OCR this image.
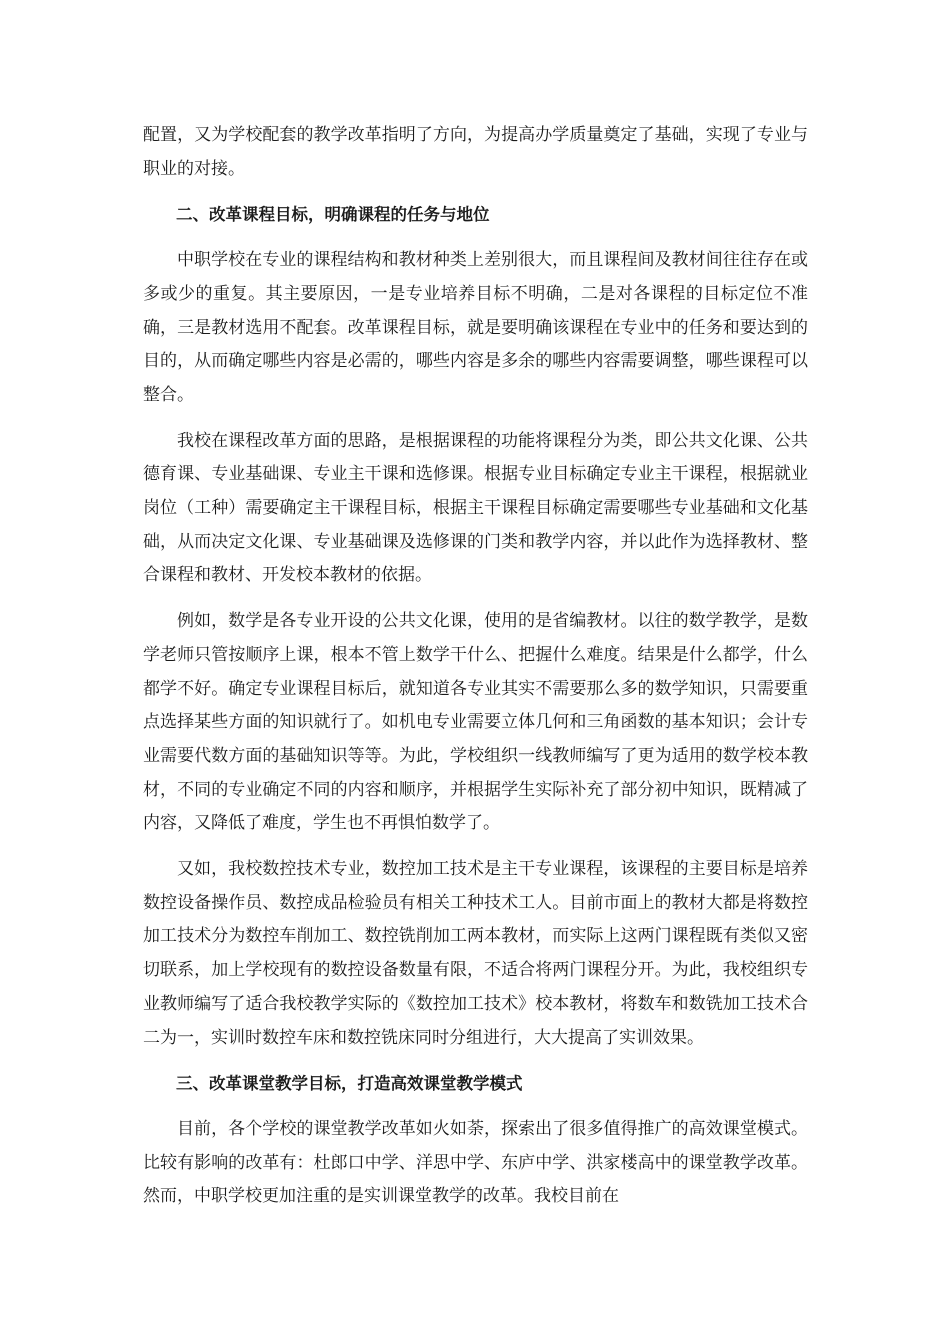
配置，又为学校配套的教学改革指明了方向，为提高办学质量奠定了基础，实现了专业与职业的对接。

二、改革课程目标，明确课程的任务与地位

中职学校在专业的课程结构和教材种类上差别很大，而且课程间及教材间往往存在或多或少的重复。其主要原因，一是专业培养目标不明确，二是对各课程的目标定位不准确，三是教材选用不配套。改革课程目标，就是要明确该课程在专业中的任务和要达到的目的，从而确定哪些内容是必需的，哪些内容是多余的哪些内容需要调整，哪些课程可以整合。

我校在课程改革方面的思路，是根据课程的功能将课程分为类，即公共文化课、公共德育课、专业基础课、专业主干课和选修课。根据专业目标确定专业主干课程，根据就业岗位（工种）需要确定主干课程目标，根据主干课程目标确定需要哪些专业基础和文化基础，从而决定文化课、专业基础课及选修课的门类和教学内容，并以此作为选择教材、整合课程和教材、开发校本教材的依据。

例如，数学是各专业开设的公共文化课，使用的是省编教材。以往的数学教学，是数学老师只管按顺序上课，根本不管上数学干什么、把握什么难度。结果是什么都学，什么都学不好。确定专业课程目标后，就知道各专业其实不需要那么多的数学知识，只需要重点选择某些方面的知识就行了。如机电专业需要立体几何和三角函数的基本知识；会计专业需要代数方面的基础知识等等。为此，学校组织一线教师编写了更为适用的数学校本教材，不同的专业确定不同的内容和顺序，并根据学生实际补充了部分初中知识，既精减了内容，又降低了难度，学生也不再惧怕数学了。

又如，我校数控技术专业，数控加工技术是主干专业课程，该课程的主要目标是培养数控设备操作员、数控成品检验员有相关工种技术工人。目前市面上的教材大都是将数控加工技术分为数控车削加工、数控铣削加工两本教材，而实际上这两门课程既有类似又密切联系，加上学校现有的数控设备数量有限，不适合将两门课程分开。为此，我校组织专业教师编写了适合我校教学实际的《数控加工技术》校本教材，将数车和数铣加工技术合二为一，实训时数控车床和数控铣床同时分组进行，大大提高了实训效果。

三、改革课堂教学目标，打造高效课堂教学模式

目前，各个学校的课堂教学改革如火如荼，探索出了很多值得推广的高效课堂模式。比较有影响的改革有：杜郎口中学、洋思中学、东庐中学、洪家楼高中的课堂教学改革。然而，中职学校更加注重的是实训课堂教学的改革。我校目前在
